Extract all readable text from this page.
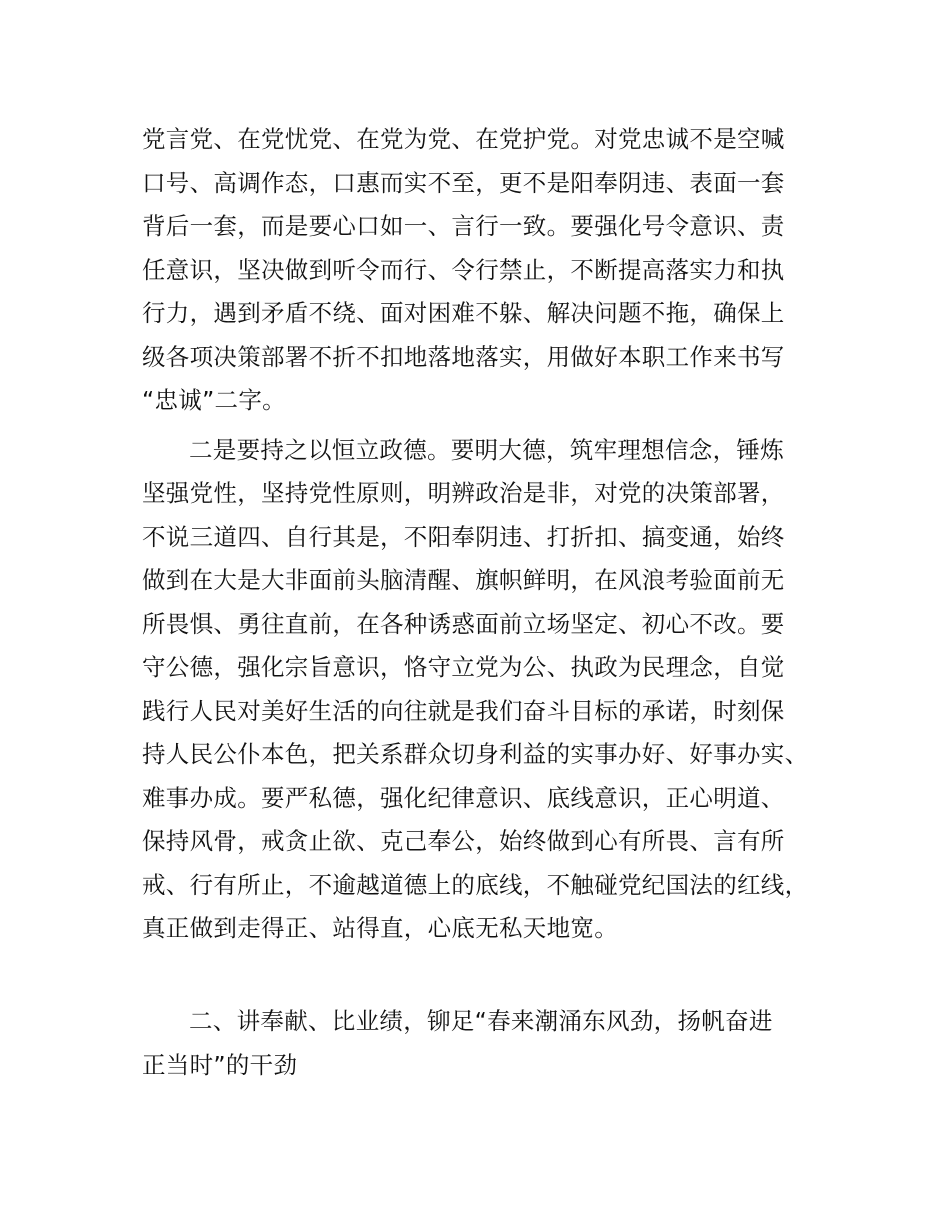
党言党、在党忧党、在党为党、在党护党。对党忠诚不是空喊
口号、高调作态，口惠而实不至，更不是阳奉阴违、表面一套
背后一套，而是要心口如一、言行一致。要强化号令意识、责
任意识，坚决做到听令而行、令行禁止，不断提高落实力和执
行力，遇到矛盾不绕、面对困难不躲、解决问题不拖，确保上
级各项决策部署不折不扣地落地落实，用做好本职工作来书写
“忠诚”二字。
二是要持之以恒立政德。要明大德，筑牢理想信念，锤炼
坚强党性，坚持党性原则，明辨政治是非，对党的决策部署，
不说三道四、自行其是，不阳奉阴违、打折扣、搞变通，始终
做到在大是大非面前头脑清醒、旗帜鲜明，在风浪考验面前无
所畏惧、勇往直前，在各种诱惑面前立场坚定、初心不改。要
守公德，强化宗旨意识，恪守立党为公、执政为民理念，自觉
践行人民对美好生活的向往就是我们奋斗目标的承诺，时刻保
持人民公仆本色，把关系群众切身利益的实事办好、好事办实、
难事办成。要严私德，强化纪律意识、底线意识，正心明道、
保持风骨，戒贪止欲、克己奉公，始终做到心有所畏、言有所
戒、行有所止，不逾越道德上的底线，不触碰党纪国法的红线，
真正做到走得正、站得直，心底无私天地宽。
二、讲奉献、比业绩，铆足“春来潮涌东风劲，扬帆奋进
正当时”的干劲
